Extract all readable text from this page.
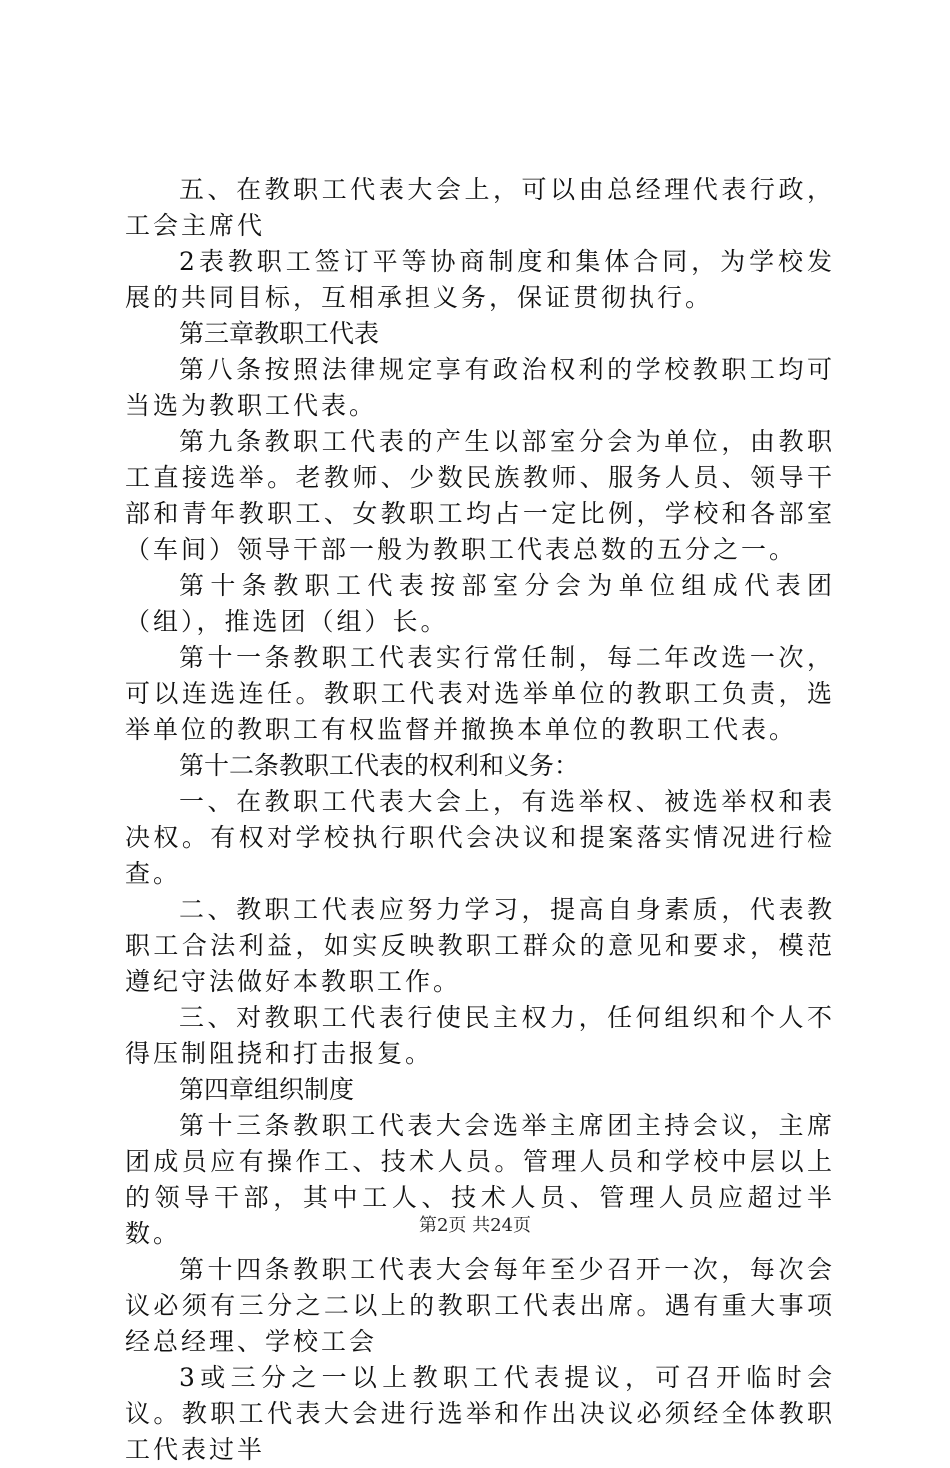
五、在教职工代表大会上，可以由总经理代表行政，工会主席代

2表教职工签订平等协商制度和集体合同，为学校发展的共同目标，互相承担义务，保证贯彻执行。

第三章教职工代表

第八条按照法律规定享有政治权利的学校教职工均可当选为教职工代表。

第九条教职工代表的产生以部室分会为单位，由教职工直接选举。老教师、少数民族教师、服务人员、领导干部和青年教职工、女教职工均占一定比例，学校和各部室（车间）领导干部一般为教职工代表总数的五分之一。

第十条教职工代表按部室分会为单位组成代表团（组），推选团（组）长。

第十一条教职工代表实行常任制，每二年改选一次，可以连选连任。教职工代表对选举单位的教职工负责，选举单位的教职工有权监督并撤换本单位的教职工代表。

第十二条教职工代表的权利和义务：

一、在教职工代表大会上，有选举权、被选举权和表决权。有权对学校执行职代会决议和提案落实情况进行检查。

二、教职工代表应努力学习，提高自身素质，代表教职工合法利益，如实反映教职工群众的意见和要求，模范遵纪守法做好本教职工作。

三、对教职工代表行使民主权力，任何组织和个人不得压制阻挠和打击报复。

第四章组织制度

第十三条教职工代表大会选举主席团主持会议，主席团成员应有操作工、技术人员。管理人员和学校中层以上的领导干部，其中工人、技术人员、管理人员应超过半数。

第十四条教职工代表大会每年至少召开一次，每次会议必须有三分之二以上的教职工代表出席。遇有重大事项经总经理、学校工会

3或三分之一以上教职工代表提议，可召开临时会议。教职工代表大会进行选举和作出决议必须经全体教职工代表过半

第2页 共24页
